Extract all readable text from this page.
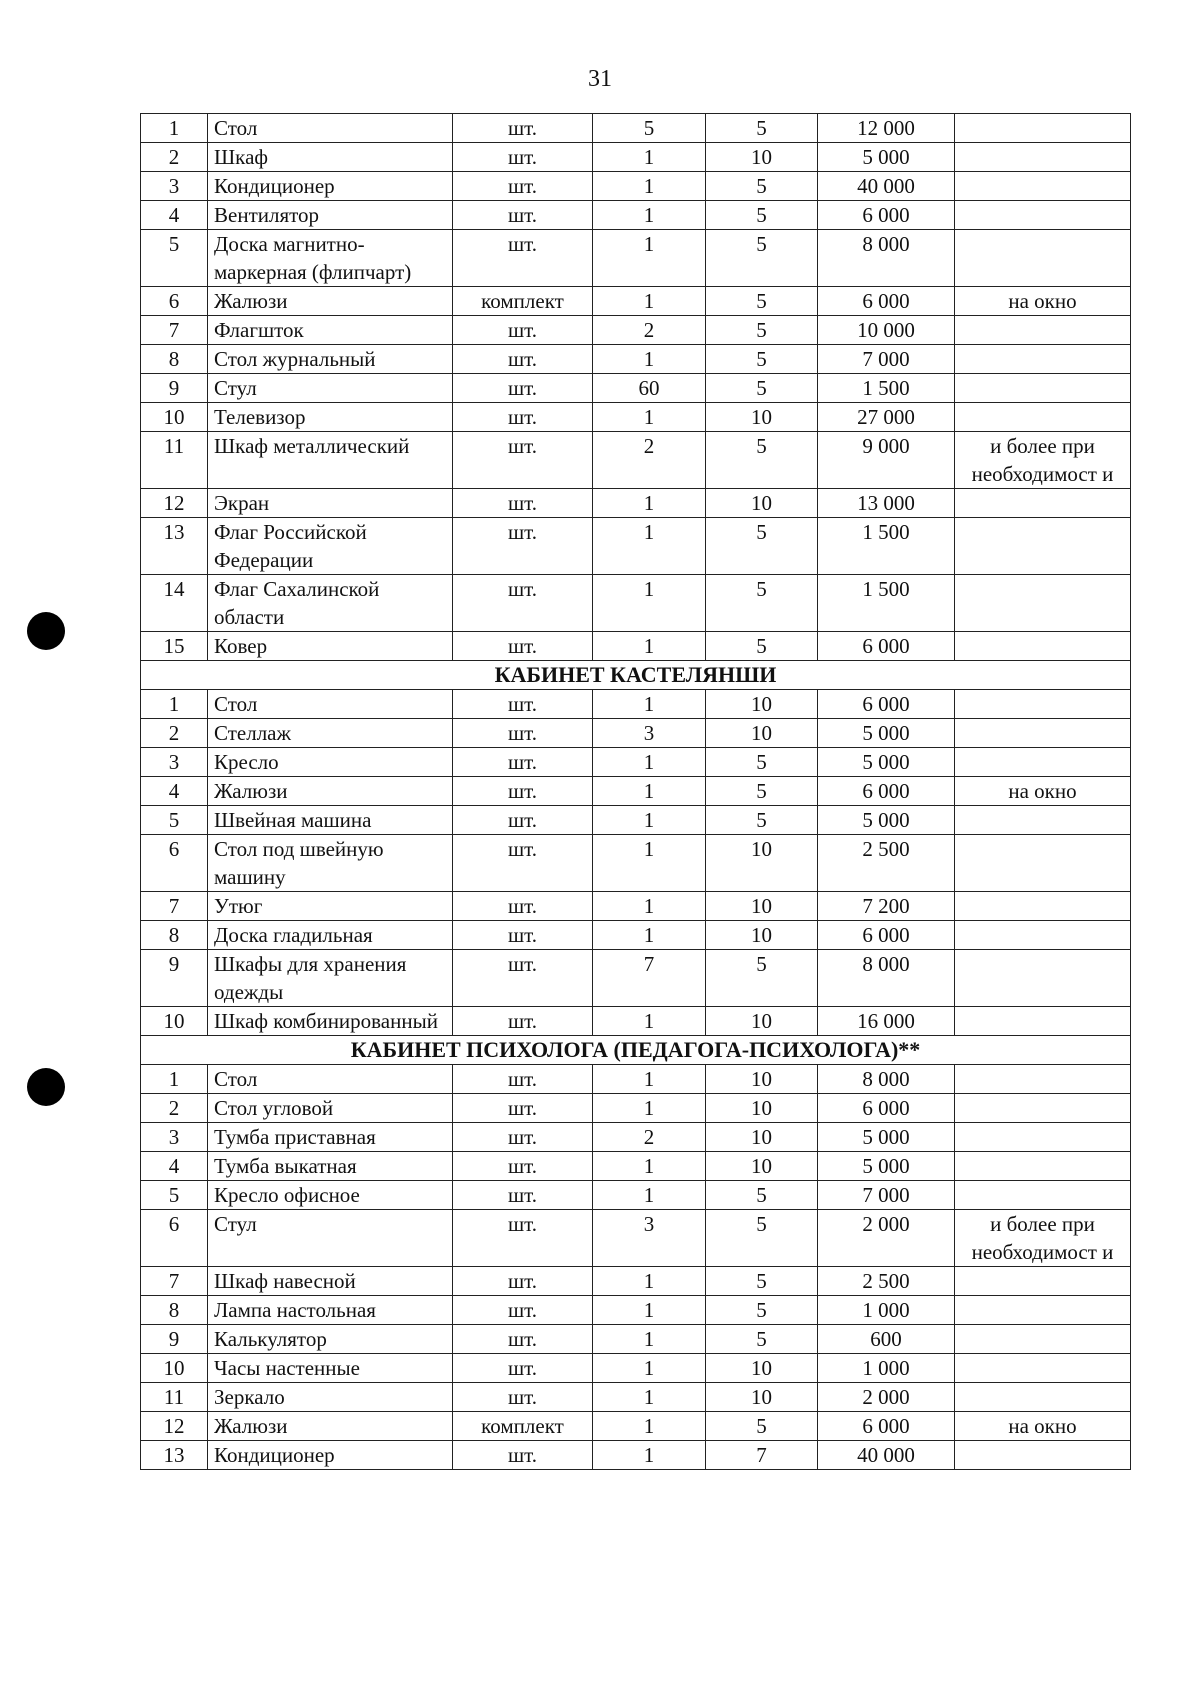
31
1	Стол	шт.	5	5	12 000	
2	Шкаф	шт.	1	10	5 000	
3	Кондиционер	шт.	1	5	40 000	
4	Вентилятор	шт.	1	5	6 000	
5	Доска магнитно-маркерная (флипчарт)	шт.	1	5	8 000	
6	Жалюзи	комплект	1	5	6 000	на окно
7	Флагшток	шт.	2	5	10 000	
8	Стол журнальный	шт.	1	5	7 000	
9	Стул	шт.	60	5	1 500	
10	Телевизор	шт.	1	10	27 000	
11	Шкаф металлический	шт.	2	5	9 000	и более при необходимост и
12	Экран	шт.	1	10	13 000	
13	Флаг Российской Федерации	шт.	1	5	1 500	
14	Флаг Сахалинской области	шт.	1	5	1 500	
15	Ковер	шт.	1	5	6 000	
КАБИНЕТ КАСТЕЛЯНШИ						
1	Стол	шт.	1	10	6 000	
2	Стеллаж	шт.	3	10	5 000	
3	Кресло	шт.	1	5	5 000	
4	Жалюзи	шт.	1	5	6 000	на окно
5	Швейная машина	шт.	1	5	5 000	
6	Стол под швейную машину	шт.	1	10	2 500	
7	Утюг	шт.	1	10	7 200	
8	Доска гладильная	шт.	1	10	6 000	
9	Шкафы для хранения одежды	шт.	7	5	8 000	
10	Шкаф комбинированный	шт.	1	10	16 000	
КАБИНЕТ ПСИХОЛОГА (ПЕДАГОГА-ПСИХОЛОГА)**						
1	Стол	шт.	1	10	8 000	
2	Стол угловой	шт.	1	10	6 000	
3	Тумба приставная	шт.	2	10	5 000	
4	Тумба выкатная	шт.	1	10	5 000	
5	Кресло офисное	шт.	1	5	7 000	
6	Стул	шт.	3	5	2 000	и более при необходимост и
7	Шкаф навесной	шт.	1	5	2 500	
8	Лампа настольная	шт.	1	5	1 000	
9	Калькулятор	шт.	1	5	600	
10	Часы настенные	шт.	1	10	1 000	
11	Зеркало	шт.	1	10	2 000	
12	Жалюзи	комплект	1	5	6 000	на окно
13	Кондиционер	шт.	1	7	40 000	
